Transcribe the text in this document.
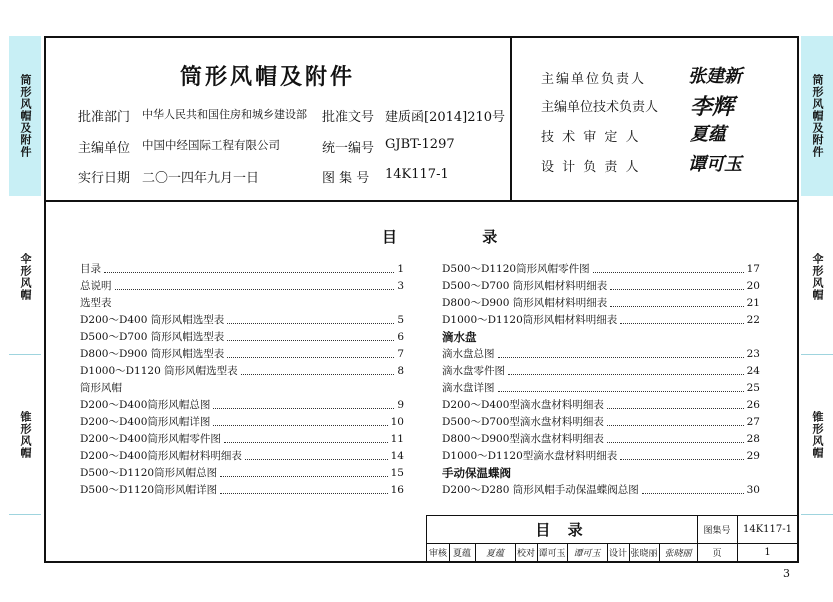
筒形风帽及附件
伞形风帽
锥形风帽
筒形风帽及附件
伞形风帽
锥形风帽
筒形风帽及附件
批准部门 中华人民共和国住房和城乡建设部 批准文号 建质函[2014]210号
主编单位 中国中经国际工程有限公司	统一编号 GJBT-1297
实行日期 二〇一四年九月一日	图 集 号 14K117-1
主编单位负责人 张建新
主编单位技术负责人 李辉
技 术 审 定 人	夏蕴
设 计 负 责 人	谭可玉
目 录
目录	1
总说明	3
选型表
D200～D400 筒形风帽选型表	5
D500～D700 筒形风帽选型表	6
D800～D900 筒形风帽选型表	7
D1000～D1120 筒形风帽选型表	8
筒形风帽
D200～D400筒形风帽总图	9
D200～D400筒形风帽详图	10
D200～D400筒形风帽零件图	11
D200～D400筒形风帽材料明细表	14
D500～D1120筒形风帽总图	15
D500～D1120筒形风帽详图	16
D500～D1120筒形风帽零件图	17
D500～D700 筒形风帽材料明细表	20
D800～D900 筒形风帽材料明细表	21
D1000～D1120筒形风帽材料明细表	22
滴水盘
滴水盘总图	23
滴水盘零件图	24
滴水盘详图	25
D200～D400型滴水盘材料明细表	26
D500～D700型滴水盘材料明细表	27
D800～D900型滴水盘材料明细表	28
D1000～D1120型滴水盘材料明细表	29
手动保温蝶阀
D200～D280 筒形风帽手动保温蝶阀总图	30
目 录	图集号	14K117-1
审核 夏蕴	夏蕴	校对 谭可玉 谭可玉 设计 张晓丽 张晓丽	页	1
3
